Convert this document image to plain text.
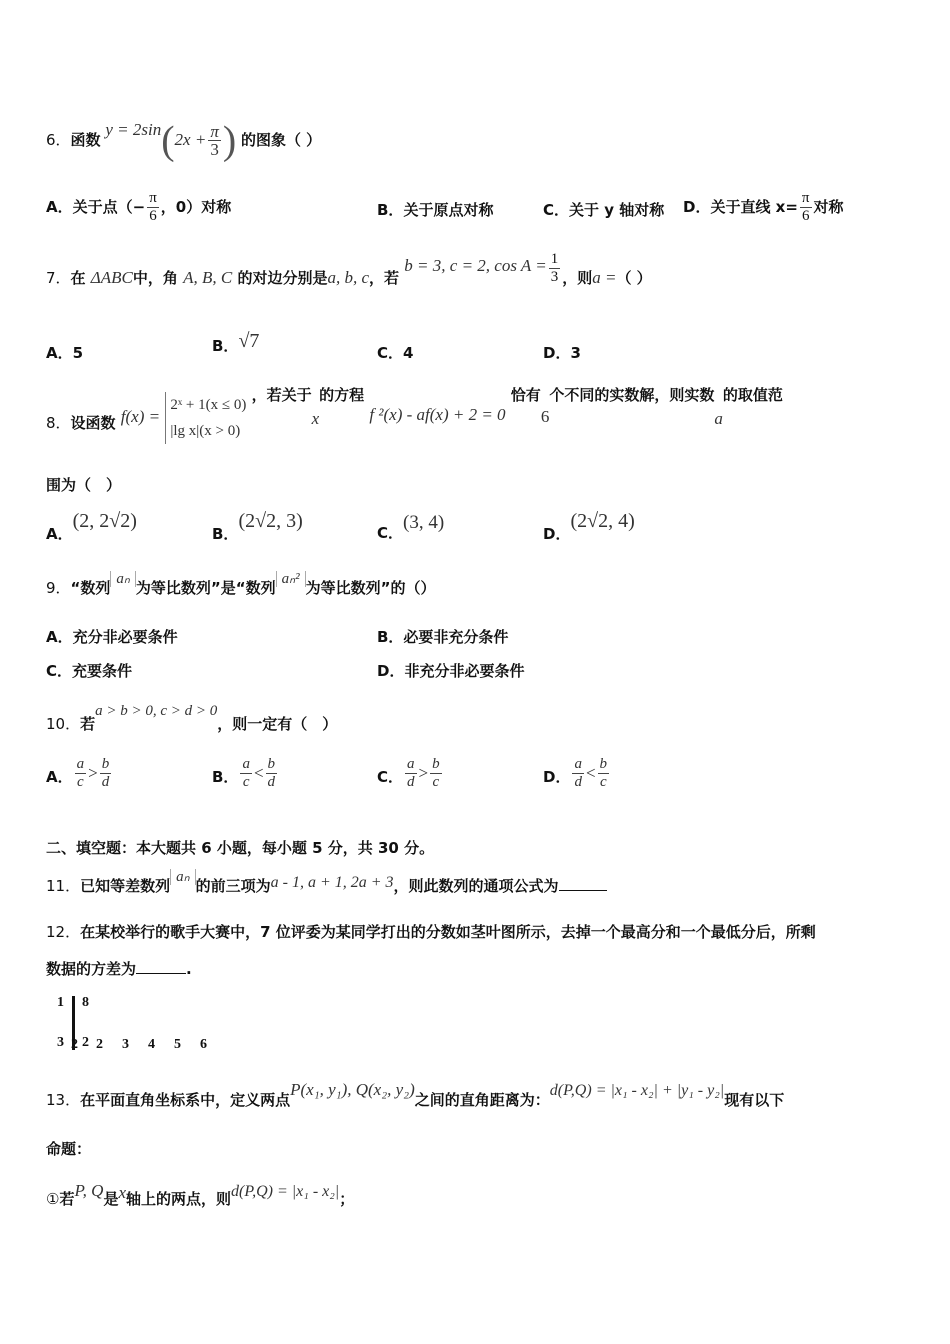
6．函数 $y = 2\sin(2x + \frac{\pi}{3}$ ) 的图象（ ）
A．关于点（− $\frac{\pi}{6}$ ，0）对称	B．关于原点对称	C．关于 y 轴对称 D．关于直线 $x= \frac{\pi}{6}$ 对称
7．在 ΔABC中，角 A, B, C 的对边分别是a, b, c，若 b = 3, c = 2, $\cos A = \frac{1}{3}$ ，则a =（ ）
A．5	B．√7
C．4	D．3
8．设函数 f(x) =
2ˣ + 1(x ≤ 0)
|lg x|(x > 0)
，若关于x的方程 f ²(x) - af(x) + 2 = 0 恰有6个不同的实数解，则实数a的取值范
围为（　）
A．(2, 2√2)
B．(2√2, 3)
C．(3, 4)
D．(2√2, 4)
9．“数列 aₙ 为等比数列”是“数列 aₙ² 为等比数列”的（）
A．充分非必要条件	B．必要非充分条件
C．充要条件	D．非充分非必要条件
10．若a > b > 0, c > d > 0，则一定有（　）
A． $\frac{a}{c} > \frac{b}{d}$	B． $\frac{a}{c} < \frac{b}{d}$	C． $\frac{a}{d} > \frac{b}{c}$	D． $\frac{a}{d} < \frac{b}{c}$
二、填空题：本大题共 6 小题，每小题 5 分，共 30 分。
11．已知等差数列 aₙ 的前三项为a - 1, a + 1, 2a + 3，则此数列的通项公式为
12．在某校举行的歌手大赛中，7 位评委为某同学打出的分数如茎叶图所示，去掉一个最高分和一个最低分后，所剩
数据的方差为	.
1 8

2 2  3  4  5  6

3 2
13．在平面直角坐标系中，定义两点P(x₁, y₁), Q(x₂, y₂)之间的直角距离为：d(P,Q) = |x₁ - x₂| + |y₁ - y₂|现有以下
命题：
①若P, Q是x轴上的两点，则d(P,Q) = |x₁ - x₂|；
